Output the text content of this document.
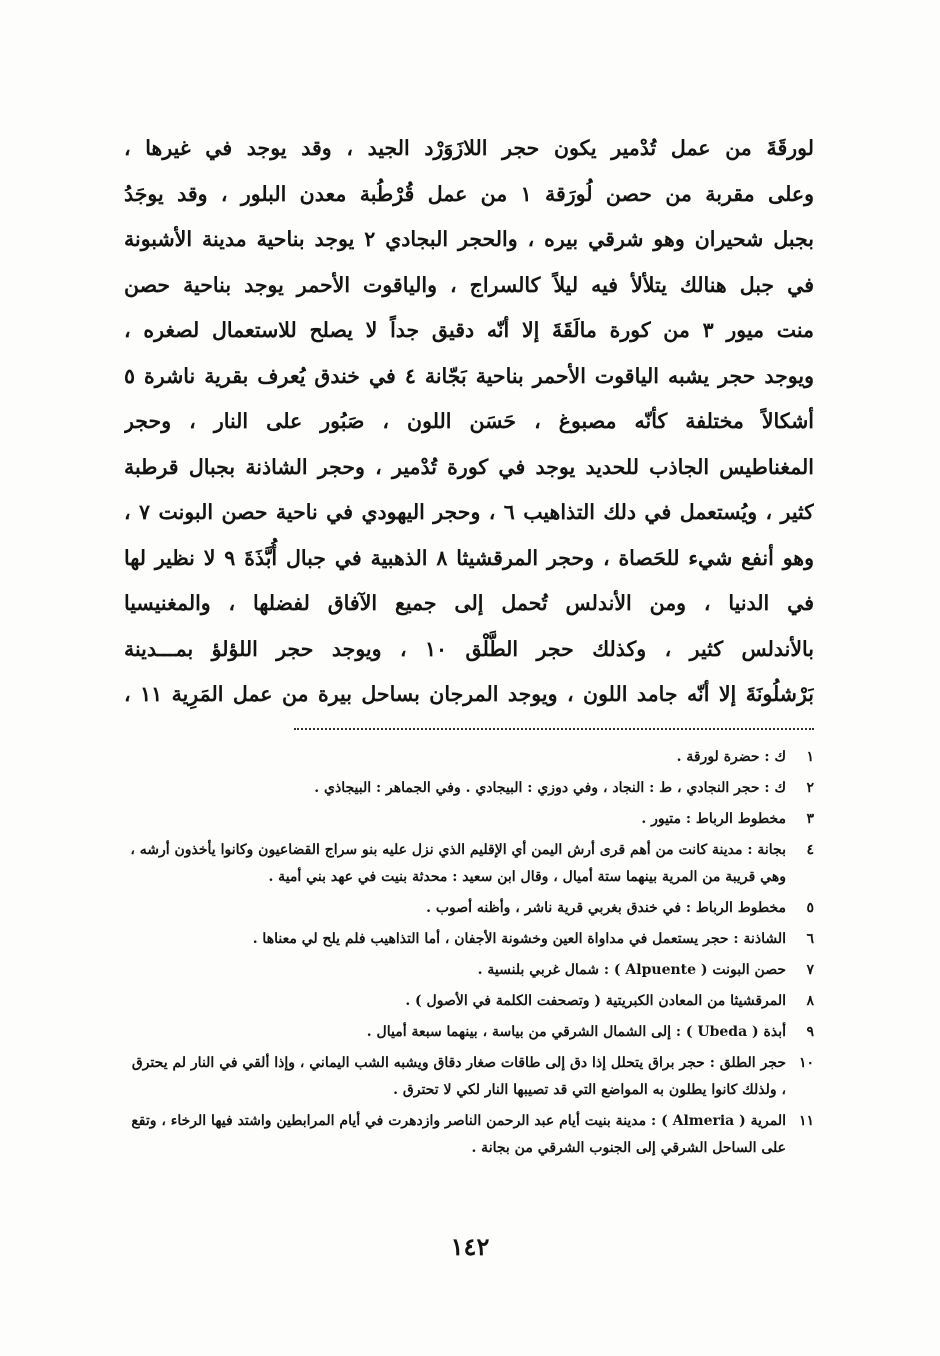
لورقَةَ من عمل تُدْمير يكون حجر اللازَوَرْد الجيد ، وقد يوجد في غيرها ،
وعلى مقربة من حصن لُورَقة ١ من عمل قُرْطُبة معدن البلور ، وقد يوجَدُ
بجبل شحيران وهو شرقي بيره ، والحجر البجادي ٢ يوجد بناحية مدينة الأشبونة
في جبل هنالك يتلألأ فيه ليلاً كالسراج ، والياقوت الأحمر يوجد بناحية حصن
منت ميور ٣ من كورة مالَقَةَ إلا أنّه دقيق جداً لا يصلح للاستعمال لصغره ،
ويوجد حجر يشبه الياقوت الأحمر بناحية بَجّانة ٤ في خندق يُعرف بقرية ناشرة ٥
أشكالاً مختلفة كأنّه مصبوغ ، حَسَن اللون ، صَبُور على النار ، وحجر
المغناطيس الجاذب للحديد يوجد في كورة تُدْمير ، وحجر الشاذنة بجبال قرطبة
كثير ، ويُستعمل في دلك التذاهيب ٦ ، وحجر اليهودي في ناحية حصن البونت ٧ ،
وهو أنفع شيء للحَصاة ، وحجر المرقشيثا ٨ الذهبية في جبال أُبَّذَةَ ٩ لا نظير لها
في الدنيا ، ومن الأندلس تُحمل إلى جميع الآفاق لفضلها ، والمغنيسيا
بالأندلس كثير ، وكذلك حجر الطَّلْق ١٠ ، ويوجد حجر اللؤلؤ بمـــدينة
بَرْشلُونَةَ إلا أنّه جامد اللون ، ويوجد المرجان بساحل بيرة من عمل المَرِية ١١ ،
١
ك : حضرة لورقة .
٢
ك : حجر النجادي ، ط : النجاد ، وفي دوزي : البيجادي . وفي الجماهر : البيجاذي .
٣
مخطوط الرباط : متيور .
٤
بجانة : مدينة كانت من أهم قرى أرش اليمن أي الإقليم الذي نزل عليه بنو سراج القضاعيون وكانوا يأخذون أرشه ، وهي قريبة من المرية بينهما ستة أميال ، وقال ابن سعيد : محدثة بنيت في عهد بني أمية .
٥
مخطوط الرباط : في خندق بغربي قرية ناشر ، وأظنه أصوب .
٦
الشاذنة : حجر يستعمل في مداواة العين وخشونة الأجفان ، أما التذاهيب فلم يلح لي معناها .
٧
حصن البونت ( Alpuente ) : شمال غربي بلنسية .
٨
المرقشيثا من المعادن الكبريتية ( وتصحفت الكلمة في الأصول ) .
٩
أبذة ( Ubeda ) : إلى الشمال الشرقي من بياسة ، بينهما سبعة أميال .
١٠
حجر الطلق : حجر براق يتحلل إذا دق إلى طاقات صغار دقاق ويشبه الشب اليماني ، وإذا ألقي في النار لم يحترق ، ولذلك كانوا يطلون به المواضع التي قد تصيبها النار لكي لا تحترق .
١١
المرية ( Almeria ) : مدينة بنيت أيام عبد الرحمن الناصر وازدهرت في أيام المرابطين واشتد فيها الرخاء ، وتقع على الساحل الشرقي إلى الجنوب الشرقي من بجانة .
١٤٢
